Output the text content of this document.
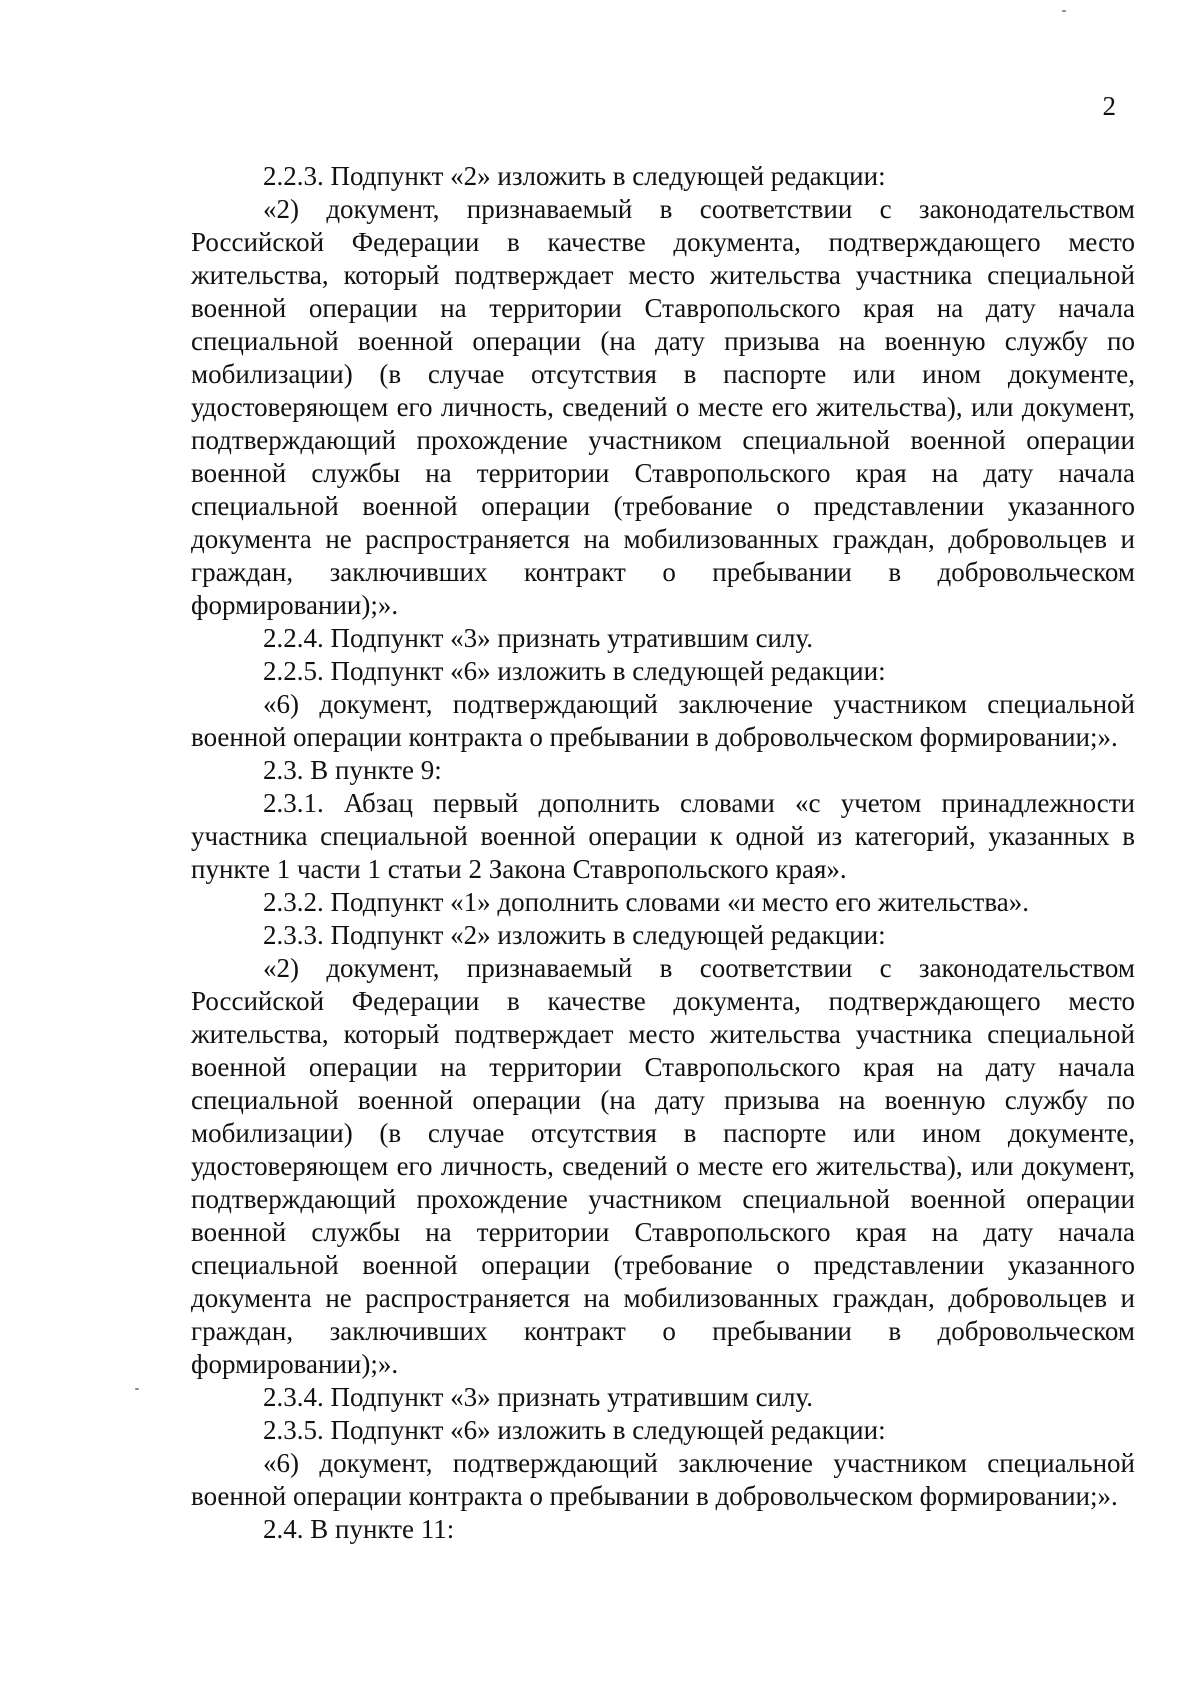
2

2.2.3. Подпункт «2» изложить в следующей редакции:

«2) документ, признаваемый в соответствии с законодательством Российской Федерации в качестве документа, подтверждающего место жительства, который подтверждает место жительства участника специальной военной операции на территории Ставропольского края на дату начала специальной военной операции (на дату призыва на военную службу по мобилизации) (в случае отсутствия в паспорте или ином документе, удостоверяющем его личность, сведений о месте его жительства), или документ, подтверждающий прохождение участником специальной военной операции военной службы на территории Ставропольского края на дату начала специальной военной операции (требование о представлении указанного документа не распространяется на мобилизованных граждан, добровольцев и граждан, заключивших контракт о пребывании в добровольческом формировании);».

2.2.4. Подпункт «3» признать утратившим силу.

2.2.5. Подпункт «6» изложить в следующей редакции:

«6) документ, подтверждающий заключение участником специальной военной операции контракта о пребывании в добровольческом формировании;».

2.3. В пункте 9:

2.3.1. Абзац первый дополнить словами «с учетом принадлежности участника специальной военной операции к одной из категорий, указанных в пункте 1 части 1 статьи 2 Закона Ставропольского края».

2.3.2. Подпункт «1» дополнить словами «и место его жительства».

2.3.3. Подпункт «2» изложить в следующей редакции:

«2) документ, признаваемый в соответствии с законодательством Российской Федерации в качестве документа, подтверждающего место жительства, который подтверждает место жительства участника специальной военной операции на территории Ставропольского края на дату начала специальной военной операции (на дату призыва на военную службу по мобилизации) (в случае отсутствия в паспорте или ином документе, удостоверяющем его личность, сведений о месте его жительства), или документ, подтверждающий прохождение участником специальной военной операции военной службы на территории Ставропольского края на дату начала специальной военной операции (требование о представлении указанного документа не распространяется на мобилизованных граждан, добровольцев и граждан, заключивших контракт о пребывании в добровольческом формировании);».

2.3.4. Подпункт «3» признать утратившим силу.

2.3.5. Подпункт «6» изложить в следующей редакции:

«6) документ, подтверждающий заключение участником специальной военной операции контракта о пребывании в добровольческом формировании;».

2.4. В пункте 11:
